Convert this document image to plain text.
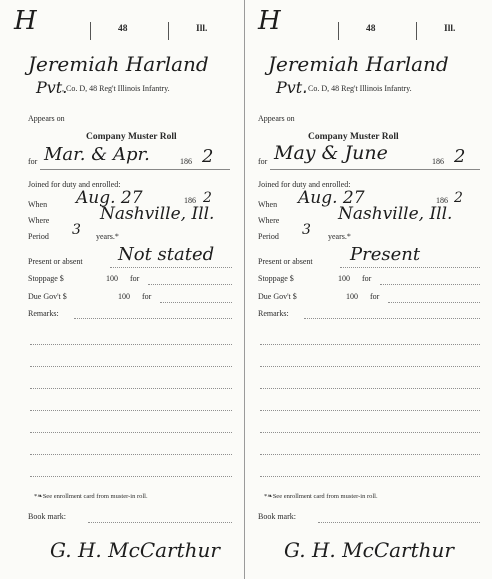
H	48	Ill.
Jeremiah Harland
Pvt.
, Co. D, 48 Reg't Illinois Infantry.
Appears on
Company Muster Roll
for Mar. & Apr.	186 2
Joined for duty and enrolled:
When Aug. 27	186 2
Where	Nashville, Ill.
Period 3 years.*
Present or absent Not stated
Stoppage $	100 for
Due Gov't $	100 for
Remarks:
*❧See enrollment card from muster-in roll.
Book mark:
G. H. McCarthur
H	48	Ill.
Jeremiah Harland
Pvt.
, Co. D, 48 Reg't Illinois Infantry.
Appears on
Company Muster Roll
for May & June	186 2
Joined for duty and enrolled:
When Aug. 27	186 2
Where	Nashville, Ill.
Period 3 years.*
Present or absent Present
Stoppage $	100 for
Due Gov't $	100 for
Remarks:
*❧See enrollment card from muster-in roll.
Book mark:
G. H. McCarthur
